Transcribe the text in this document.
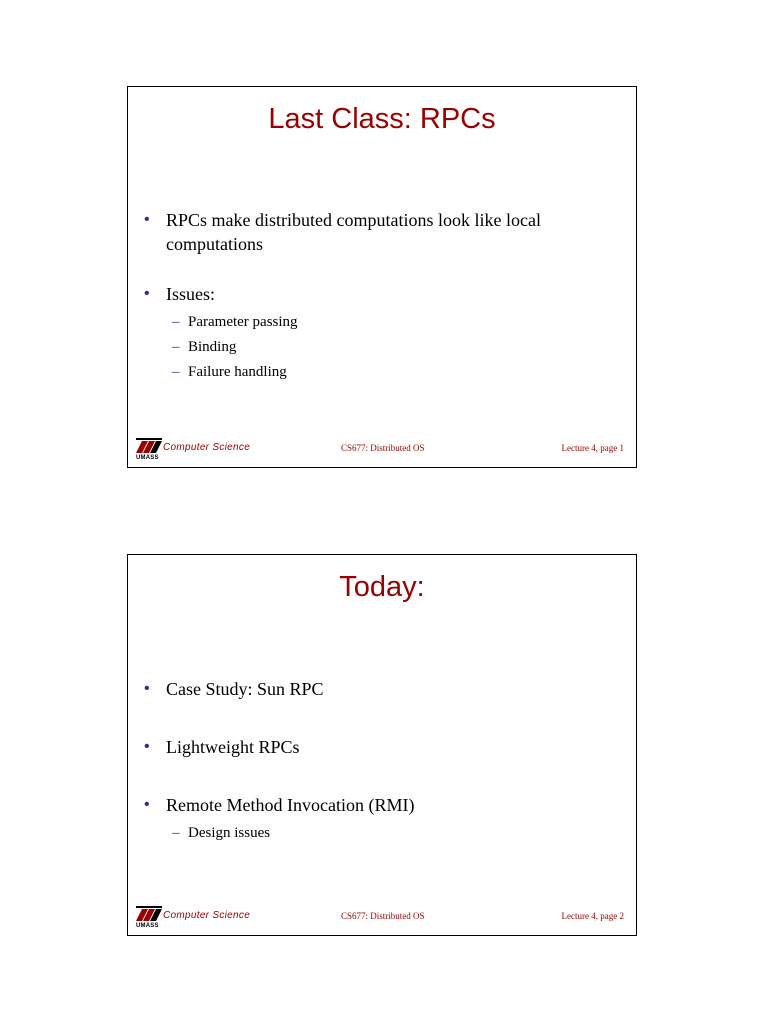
Last Class: RPCs
• RPCs make distributed computations look like local computations
• Issues:
– Parameter passing
– Binding
– Failure handling
UMASS
Computer Science	CS677: Distributed OS	Lecture 4, page 1
Today:
• Case Study: Sun RPC
• Lightweight RPCs
• Remote Method Invocation (RMI)
– Design issues
UMASS
Computer Science	CS677: Distributed OS	Lecture 4, page 2
